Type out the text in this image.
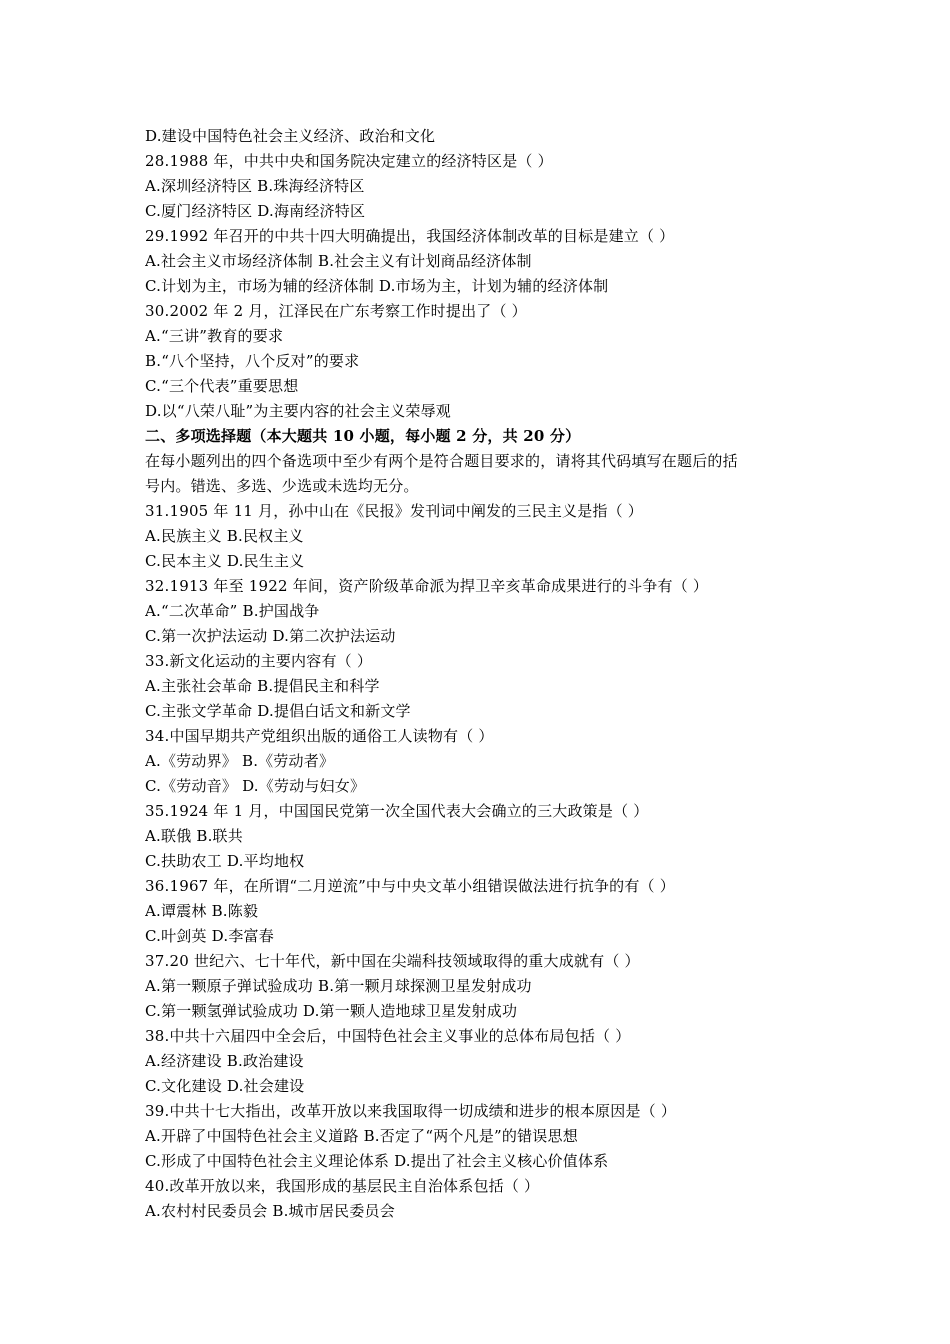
D.建设中国特色社会主义经济、政治和文化
28.1988 年，中共中央和国务院决定建立的经济特区是（ ）
A.深圳经济特区 B.珠海经济特区
C.厦门经济特区 D.海南经济特区
29.1992 年召开的中共十四大明确提出，我国经济体制改革的目标是建立（ ）
A.社会主义市场经济体制 B.社会主义有计划商品经济体制
C.计划为主，市场为辅的经济体制 D.市场为主，计划为辅的经济体制
30.2002 年 2 月，江泽民在广东考察工作时提出了（ ）
A.“三讲”教育的要求
B.“八个坚持，八个反对”的要求
C.“三个代表”重要思想
D.以“八荣八耻”为主要内容的社会主义荣辱观
二、多项选择题（本大题共 10 小题，每小题 2 分，共 20 分）
在每小题列出的四个备选项中至少有两个是符合题目要求的，请将其代码填写在题后的括
号内。错选、多选、少选或未选均无分。
31.1905 年 11 月，孙中山在《民报》发刊词中阐发的三民主义是指（ ）
A.民族主义 B.民权主义
C.民本主义 D.民生主义
32.1913 年至 1922 年间，资产阶级革命派为捍卫辛亥革命成果进行的斗争有（ ）
A.“二次革命” B.护国战争
C.第一次护法运动 D.第二次护法运动
33.新文化运动的主要内容有（ ）
A.主张社会革命 B.提倡民主和科学
C.主张文学革命 D.提倡白话文和新文学
34.中国早期共产党组织出版的通俗工人读物有（ ）
A.《劳动界》 B.《劳动者》
C.《劳动音》 D.《劳动与妇女》
35.1924 年 1 月，中国国民党第一次全国代表大会确立的三大政策是（ ）
A.联俄 B.联共
C.扶助农工 D.平均地权
36.1967 年，在所谓“二月逆流”中与中央文革小组错误做法进行抗争的有（ ）
A.谭震林 B.陈毅
C.叶剑英 D.李富春
37.20 世纪六、七十年代，新中国在尖端科技领域取得的重大成就有（ ）
A.第一颗原子弹试验成功 B.第一颗月球探测卫星发射成功
C.第一颗氢弹试验成功 D.第一颗人造地球卫星发射成功
38.中共十六届四中全会后，中国特色社会主义事业的总体布局包括（ ）
A.经济建设 B.政治建设
C.文化建设 D.社会建设
39.中共十七大指出，改革开放以来我国取得一切成绩和进步的根本原因是（ ）
A.开辟了中国特色社会主义道路 B.否定了“两个凡是”的错误思想
C.形成了中国特色社会主义理论体系 D.提出了社会主义核心价值体系
40.改革开放以来，我国形成的基层民主自治体系包括（ ）
A.农村村民委员会 B.城市居民委员会
